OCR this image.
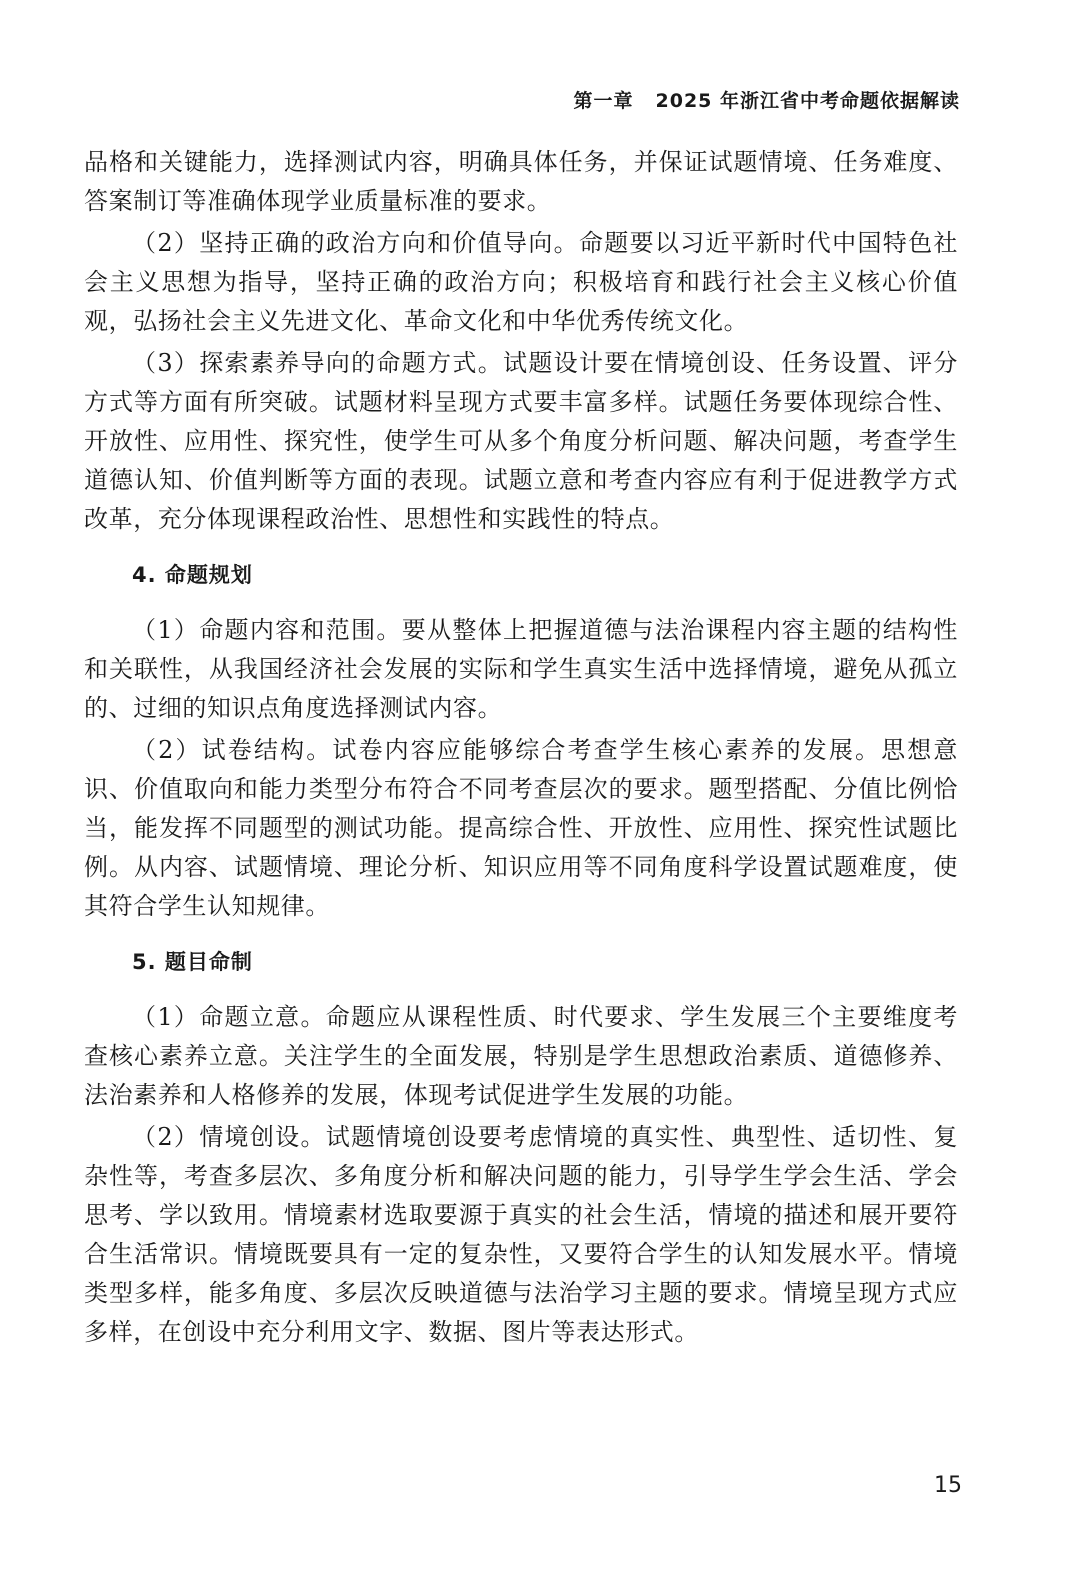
第一章 2025 年浙江省中考命题依据解读

品格和关键能力，选择测试内容，明确具体任务，并保证试题情境、任务难度、答案制订等准确体现学业质量标准的要求。

（2）坚持正确的政治方向和价值导向。命题要以习近平新时代中国特色社会主义思想为指导，坚持正确的政治方向；积极培育和践行社会主义核心价值观，弘扬社会主义先进文化、革命文化和中华优秀传统文化。

（3）探索素养导向的命题方式。试题设计要在情境创设、任务设置、评分方式等方面有所突破。试题材料呈现方式要丰富多样。试题任务要体现综合性、开放性、应用性、探究性，使学生可从多个角度分析问题、解决问题，考查学生道德认知、价值判断等方面的表现。试题立意和考查内容应有利于促进教学方式改革，充分体现课程政治性、思想性和实践性的特点。

4. 命题规划

（1）命题内容和范围。要从整体上把握道德与法治课程内容主题的结构性和关联性，从我国经济社会发展的实际和学生真实生活中选择情境，避免从孤立的、过细的知识点角度选择测试内容。

（2）试卷结构。试卷内容应能够综合考查学生核心素养的发展。思想意识、价值取向和能力类型分布符合不同考查层次的要求。题型搭配、分值比例恰当，能发挥不同题型的测试功能。提高综合性、开放性、应用性、探究性试题比例。从内容、试题情境、理论分析、知识应用等不同角度科学设置试题难度，使其符合学生认知规律。

5. 题目命制

（1）命题立意。命题应从课程性质、时代要求、学生发展三个主要维度考查核心素养立意。关注学生的全面发展，特别是学生思想政治素质、道德修养、法治素养和人格修养的发展，体现考试促进学生发展的功能。

（2）情境创设。试题情境创设要考虑情境的真实性、典型性、适切性、复杂性等，考查多层次、多角度分析和解决问题的能力，引导学生学会生活、学会思考、学以致用。情境素材选取要源于真实的社会生活，情境的描述和展开要符合生活常识。情境既要具有一定的复杂性，又要符合学生的认知发展水平。情境类型多样，能多角度、多层次反映道德与法治学习主题的要求。情境呈现方式应多样，在创设中充分利用文字、数据、图片等表达形式。

15
